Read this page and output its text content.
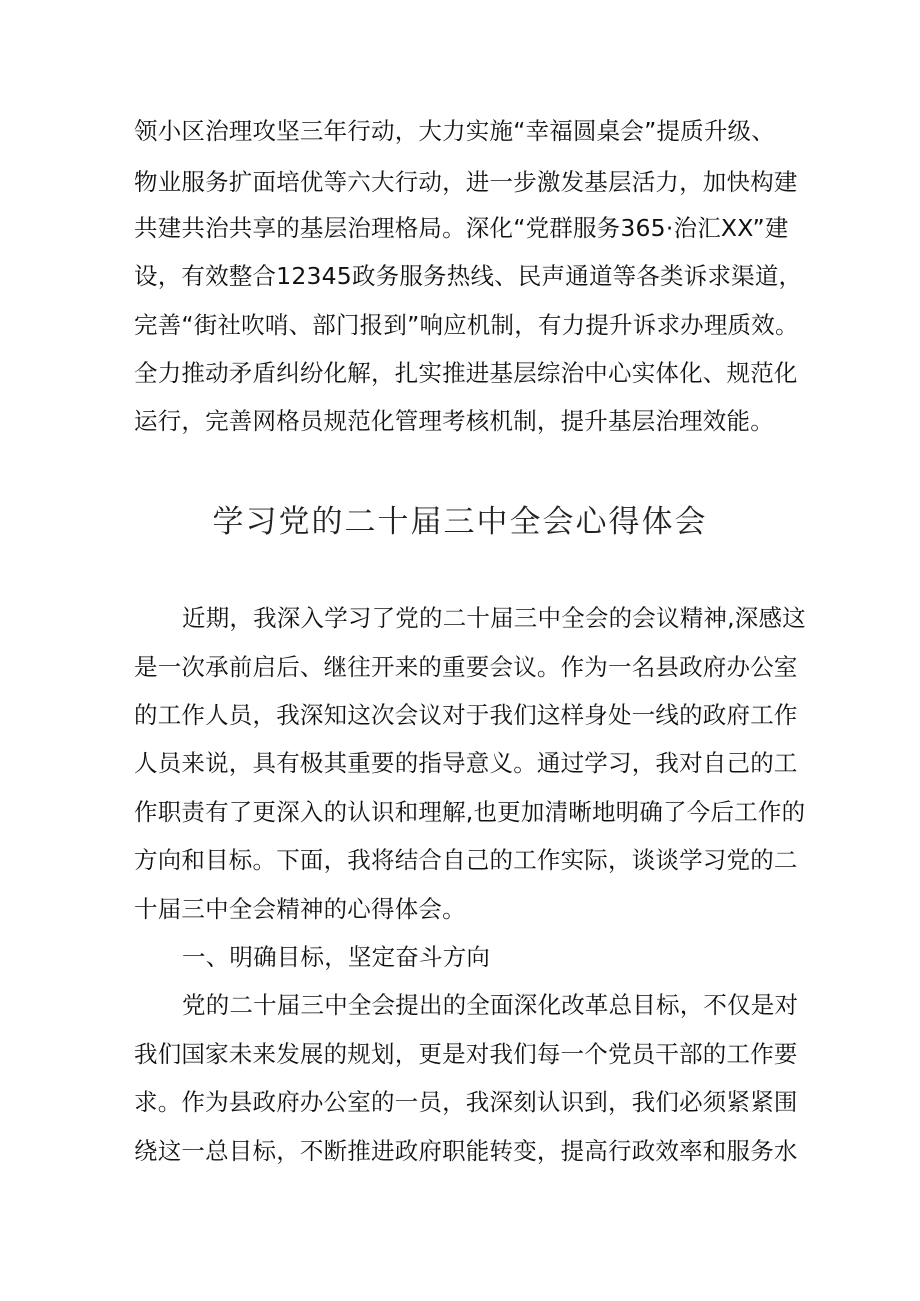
领小区治理攻坚三年行动，大力实施“幸福圆桌会”提质升级、
物业服务扩面培优等六大行动，进一步激发基层活力，加快构建
共建共治共享的基层治理格局。深化“党群服务365·治汇XX”建
设，有效整合12345政务服务热线、民声通道等各类诉求渠道，
完善“街社吹哨、部门报到”响应机制，有力提升诉求办理质效。
全力推动矛盾纠纷化解，扎实推进基层综治中心实体化、规范化
运行，完善网格员规范化管理考核机制，提升基层治理效能。
学习党的二十届三中全会心得体会
近期，我深入学习了党的二十届三中全会的会议精神,深感这
是一次承前启后、继往开来的重要会议。作为一名县政府办公室
的工作人员，我深知这次会议对于我们这样身处一线的政府工作
人员来说，具有极其重要的指导意义。通过学习，我对自己的工
作职责有了更深入的认识和理解,也更加清晰地明确了今后工作的
方向和目标。下面，我将结合自己的工作实际，谈谈学习党的二
十届三中全会精神的心得体会。
一、明确目标，坚定奋斗方向
党的二十届三中全会提出的全面深化改革总目标，不仅是对
我们国家未来发展的规划，更是对我们每一个党员干部的工作要
求。作为县政府办公室的一员，我深刻认识到，我们必须紧紧围
绕这一总目标，不断推进政府职能转变，提高行政效率和服务水
